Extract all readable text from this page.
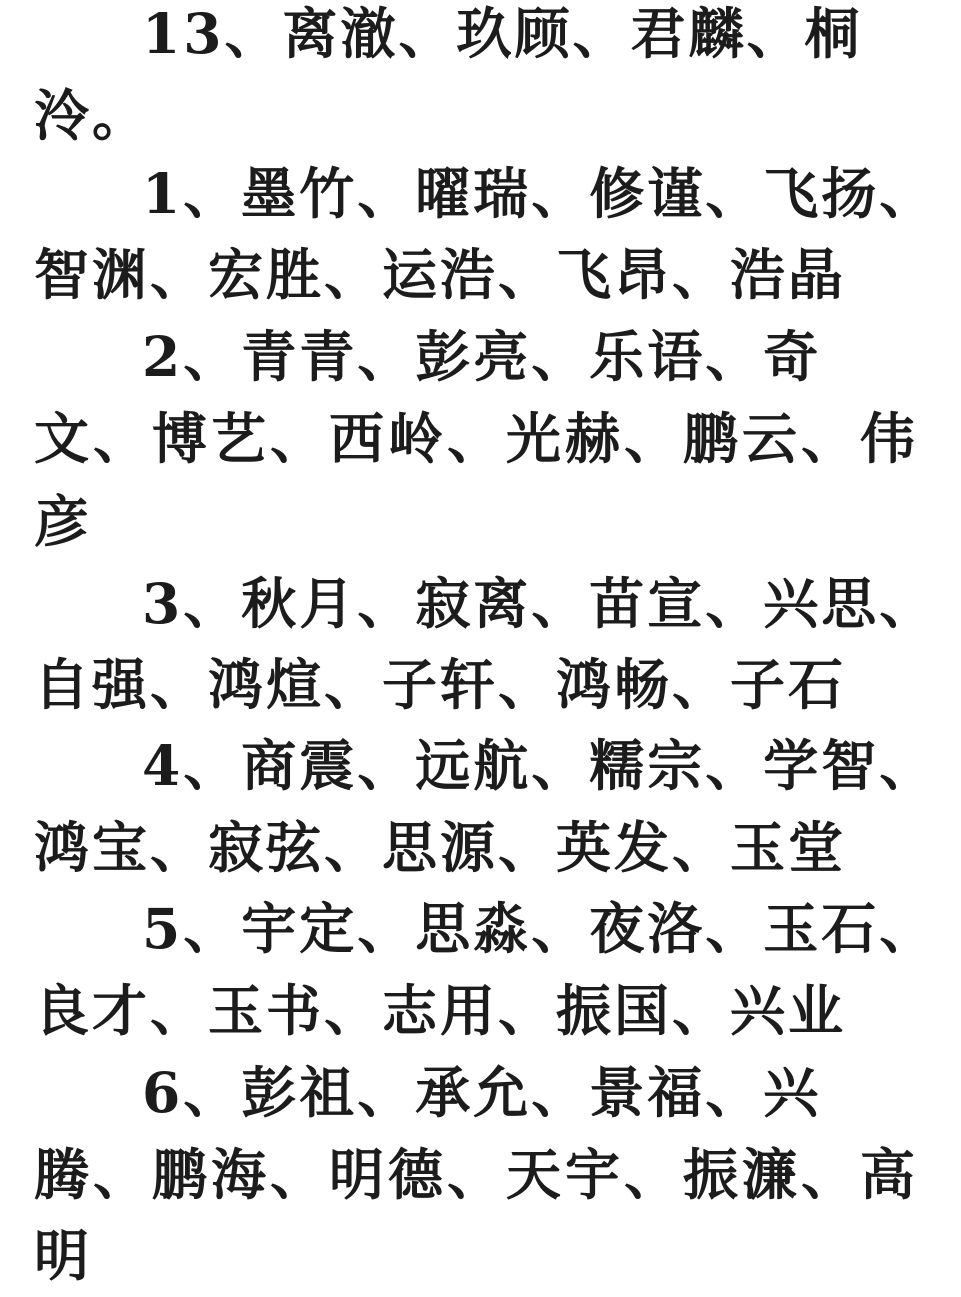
13、离澈、玖顾、君麟、桐
泠。
1、墨竹、曜瑞、修谨、飞扬、
智渊、宏胜、运浩、飞昂、浩晶
2、青青、彭亮、乐语、奇
文、博艺、西岭、光赫、鹏云、伟
彦
3、秋月、寂离、苗宣、兴思、
自强、鸿煊、子轩、鸿畅、子石
4、商震、远航、糯宗、学智、
鸿宝、寂弦、思源、英发、玉堂
5、宇定、思淼、夜洛、玉石、
良才、玉书、志用、振国、兴业
6、彭祖、承允、景福、兴
腾、鹏海、明德、天宇、振濂、高
明
